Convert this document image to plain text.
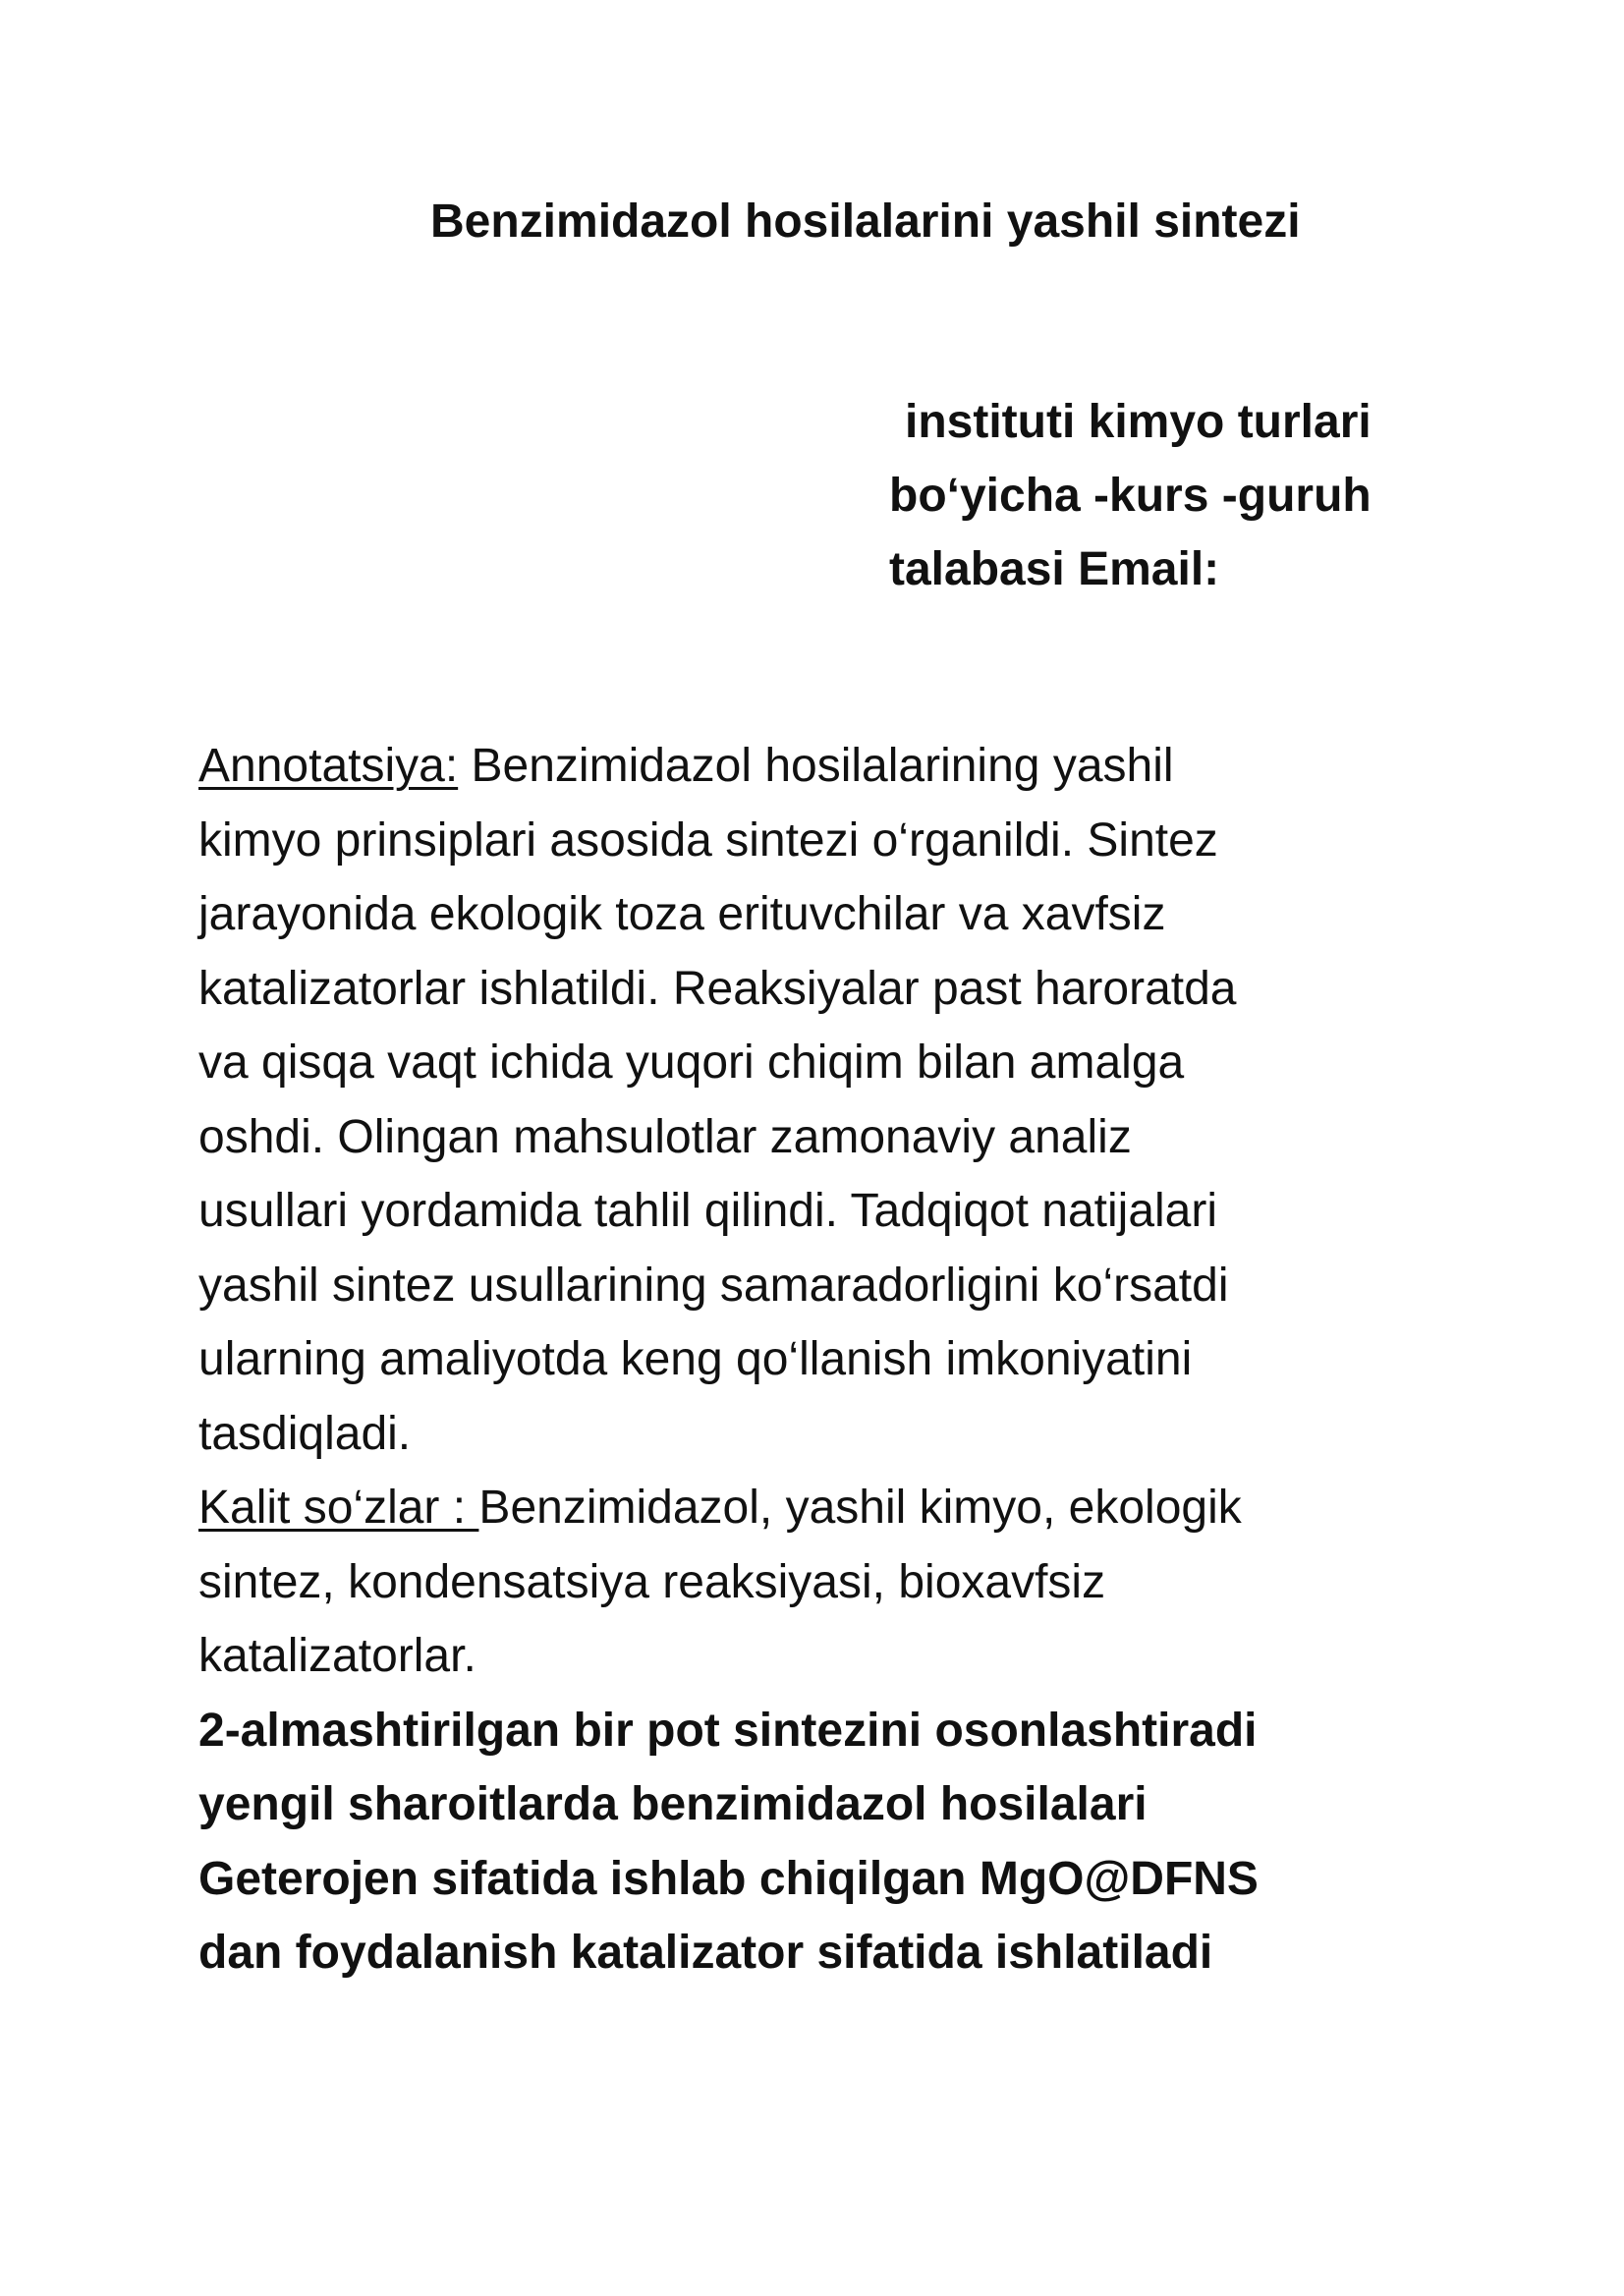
Benzimidazol hosilalarini yashil sintezi
instituti kimyo turlari
bo‘yicha -kurs -guruh
talabasi Email:
Annotatsiya: Benzimidazol hosilalarining yashil
kimyo prinsiplari asosida sintezi o‘rganildi. Sintez
jarayonida ekologik toza erituvchilar va xavfsiz
katalizatorlar ishlatildi. Reaksiyalar past haroratda
va qisqa vaqt ichida yuqori chiqim bilan amalga
oshdi. Olingan mahsulotlar zamonaviy analiz
usullari yordamida tahlil qilindi. Tadqiqot natijalari
yashil sintez usullarining samaradorligini ko‘rsatdi
ularning amaliyotda keng qo‘llanish imkoniyatini
tasdiqladi.
Kalit so‘zlar : Benzimidazol, yashil kimyo, ekologik
sintez, kondensatsiya reaksiyasi, bioxavfsiz
katalizatorlar.
2-almashtirilgan bir pot sintezini osonlashtiradi
yengil sharoitlarda benzimidazol hosilalari
Geterojen sifatida ishlab chiqilgan MgO@DFNS
dan foydalanish katalizator sifatida ishlatiladi
